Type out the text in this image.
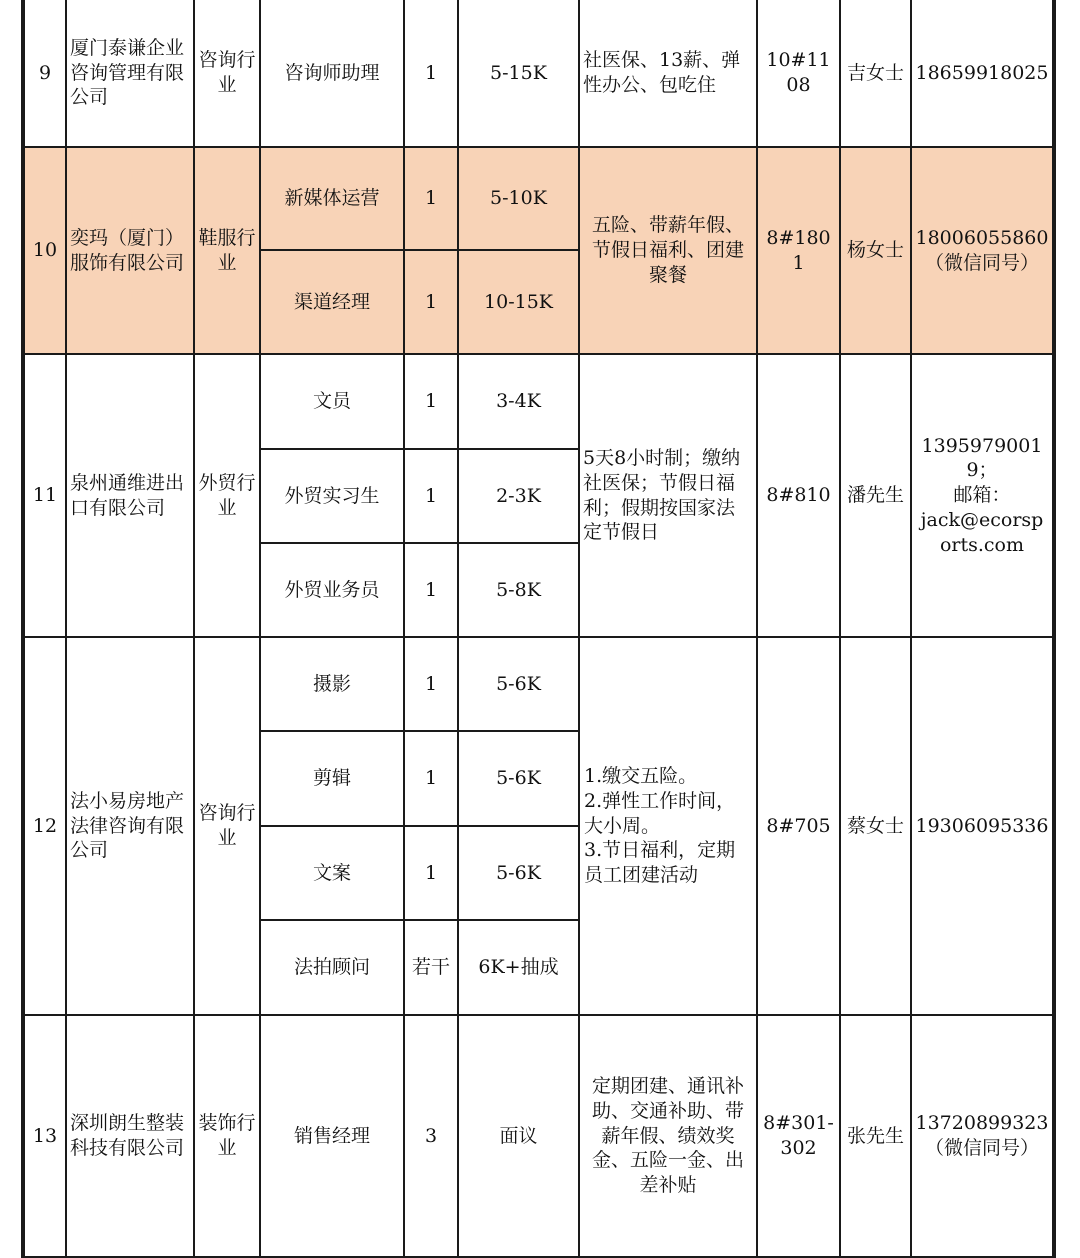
9	厦门泰谦企业咨询管理有限公司	咨询行业	咨询师助理	1	5-15K	社医保、13薪、弹性办公、包吃住	10#1108	吉女士	18659918025
10	奕玛（厦门）服饰有限公司	鞋服行业	新媒体运营	1	5-10K	五险、带薪年假、节假日福利、团建聚餐	8#1801	杨女士	18006055860
（微信同号）
			渠道经理	1	10-15K				
11	泉州通维进出口有限公司	外贸行业	文员	1	3-4K	5天8小时制；缴纳社医保；节假日福利；假期按国家法定节假日	8#810	潘先生	13959790019；
邮箱：
jack@ecorsports.com
			外贸实习生	1	2-3K				
			外贸业务员	1	5-8K				
12	法小易房地产法律咨询有限公司	咨询行业	摄影	1	5-6K	1.缴交五险。
2.弹性工作时间，大小周。
3.节日福利，定期员工团建活动	8#705	蔡女士	19306095336
			剪辑	1	5-6K				
			文案	1	5-6K				
			法拍顾问	若干	6K+抽成				
13	深圳朗生整装科技有限公司	装饰行业	销售经理	3	面议	定期团建、通讯补助、交通补助、带薪年假、绩效奖金、五险一金、出差补贴	8#301-302	张先生	13720899323
（微信同号）
